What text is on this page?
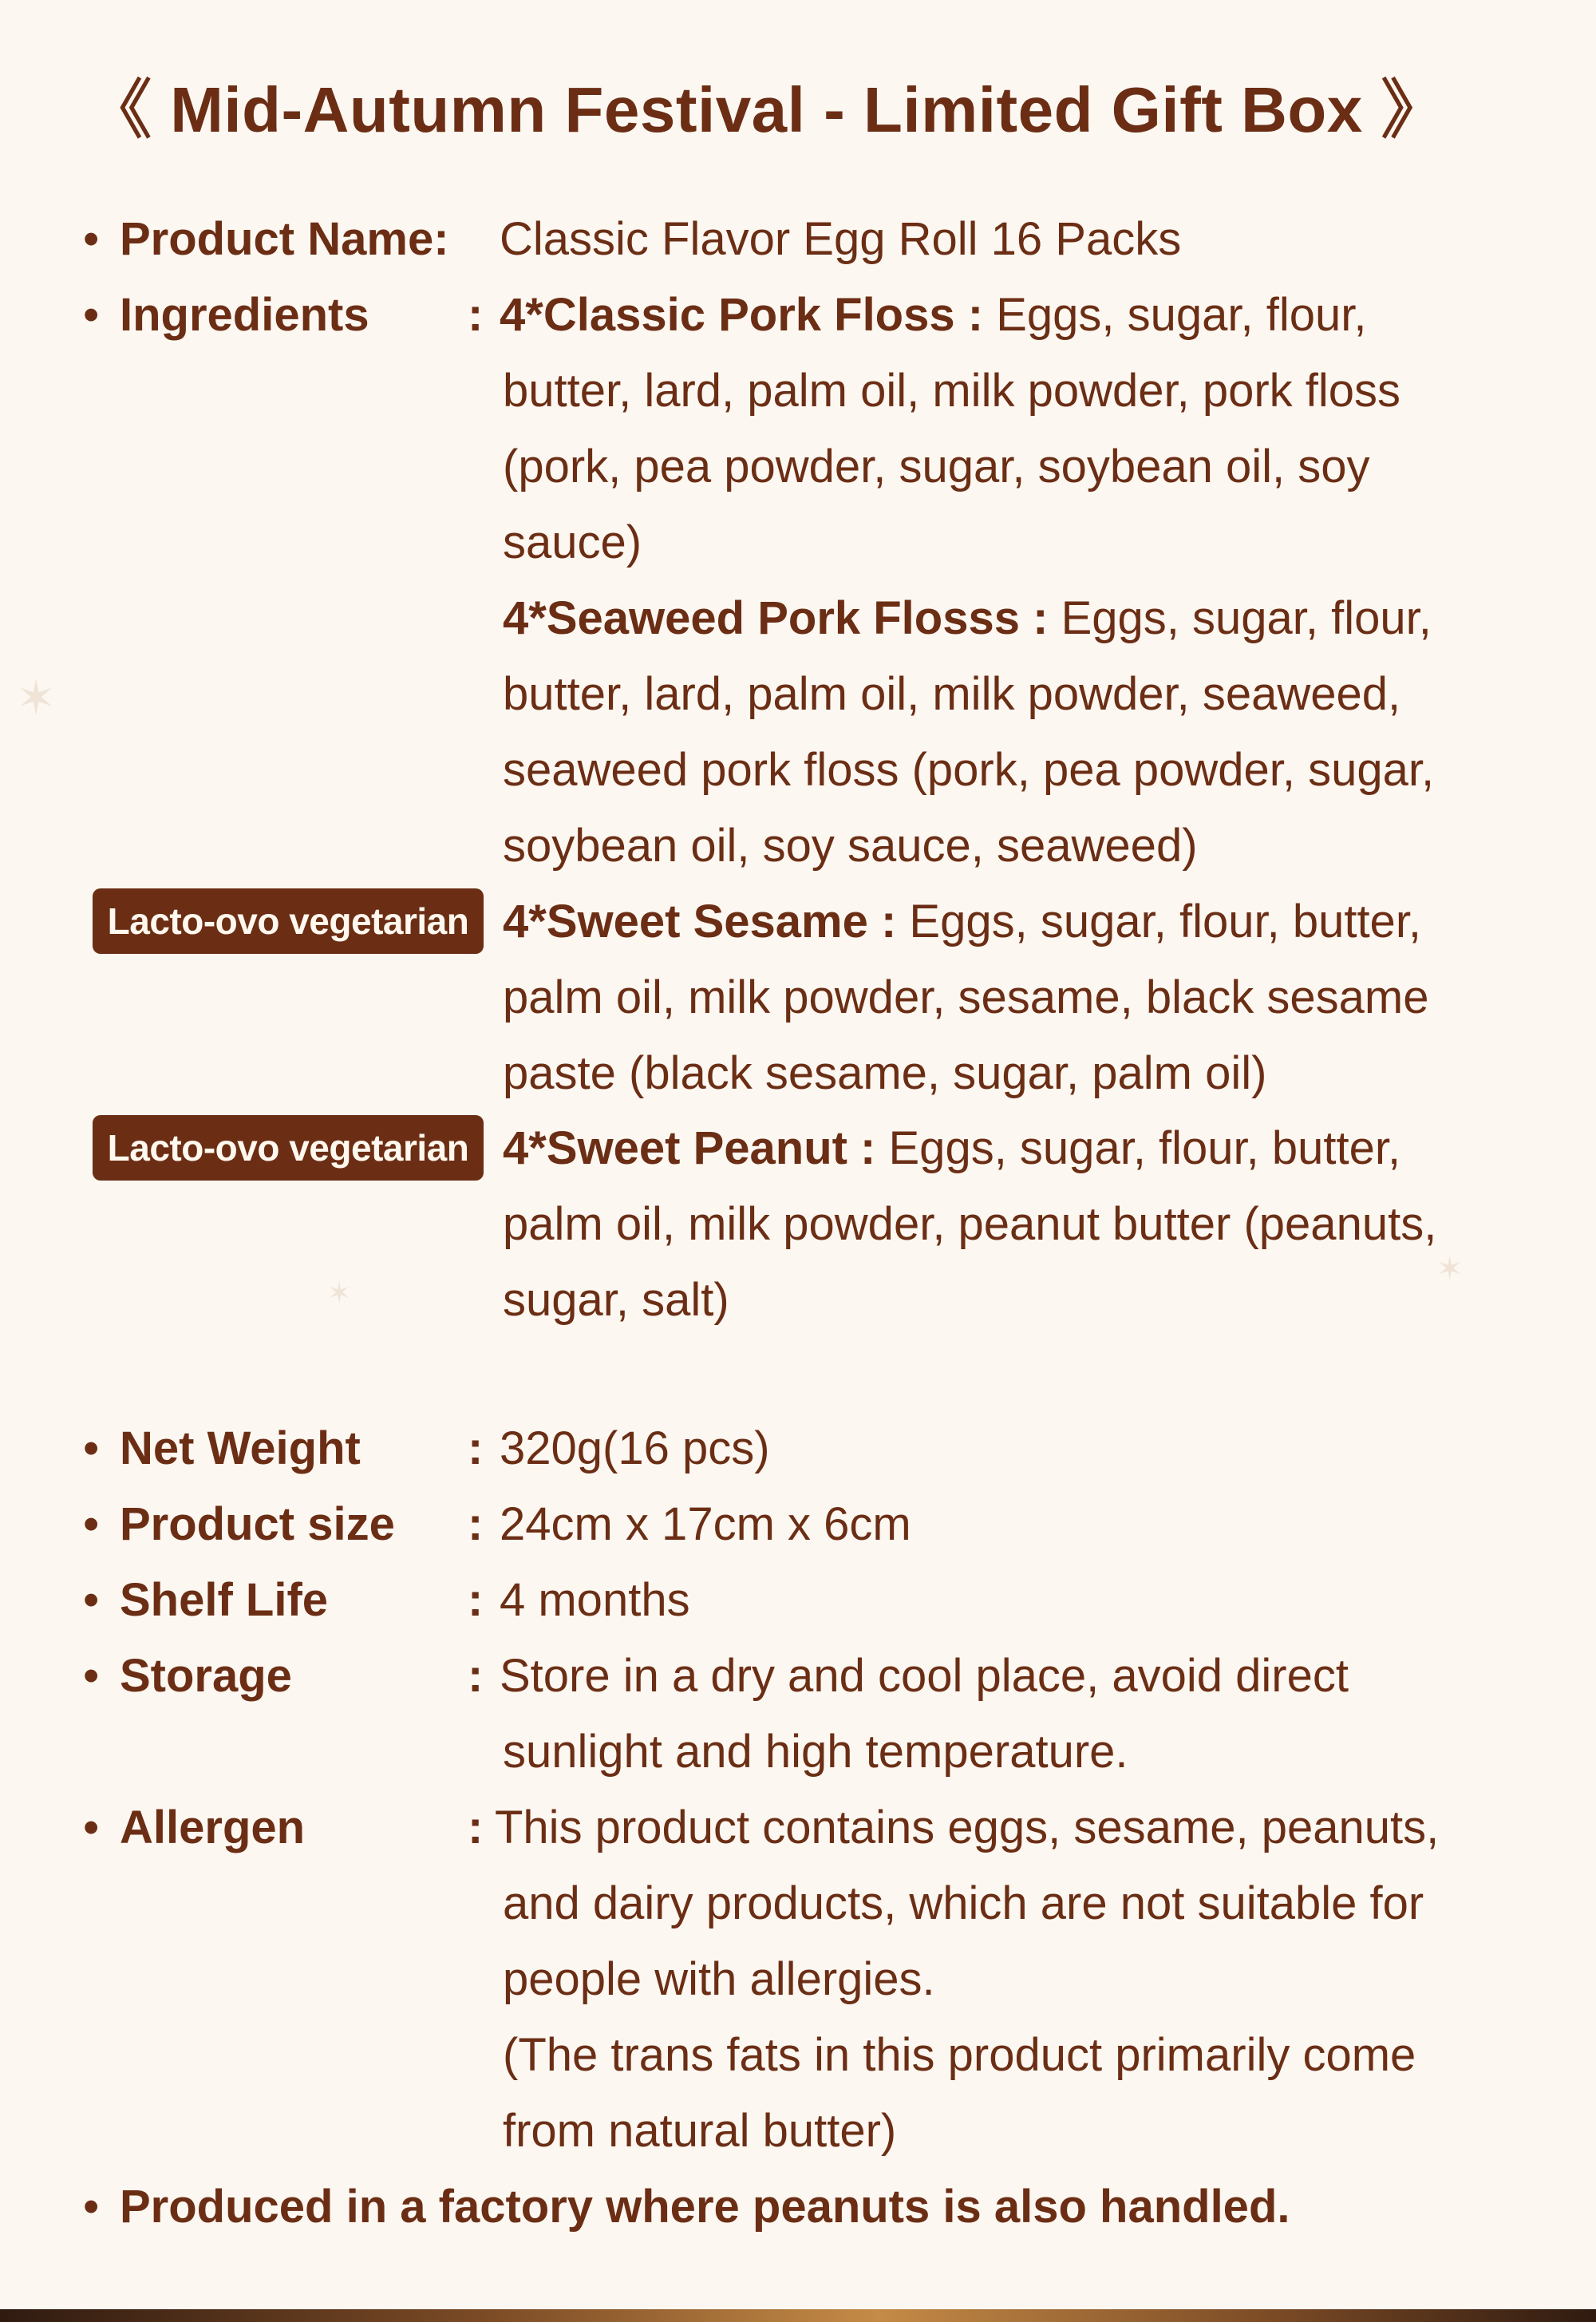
✶
✶
✶
《 Mid-Autumn Festival - Limited Gift Box 》
• Product Name: Classic Flavor Egg Roll 16 Packs
• Ingredients : 4*Classic Pork Floss : Eggs, sugar, flour,
butter, lard, palm oil, milk powder, pork floss
(pork, pea powder, sugar, soybean oil, soy
sauce)
4*Seaweed Pork Flosss : Eggs, sugar, flour,
butter, lard, palm oil, milk powder, seaweed,
seaweed pork floss (pork, pea powder, sugar,
soybean oil, soy sauce, seaweed)
Lacto-ovo vegetarian 4*Sweet Sesame : Eggs, sugar, flour, butter,
palm oil, milk powder, sesame, black sesame
paste (black sesame, sugar, palm oil)
Lacto-ovo vegetarian 4*Sweet Peanut : Eggs, sugar, flour, butter,
palm oil, milk powder, peanut butter (peanuts,
sugar, salt)
• Net Weight : 320g(16 pcs)
• Product size : 24cm x 17cm x 6cm
• Shelf Life	: 4 months
• Storage	: Store in a dry and cool place, avoid direct
sunlight and high temperature.
• Allergen	: This product contains eggs, sesame, peanuts,
and dairy products, which are not suitable for
people with allergies.
(The trans fats in this product primarily come
from natural butter)
• Produced in a factory where peanuts is also handled.
